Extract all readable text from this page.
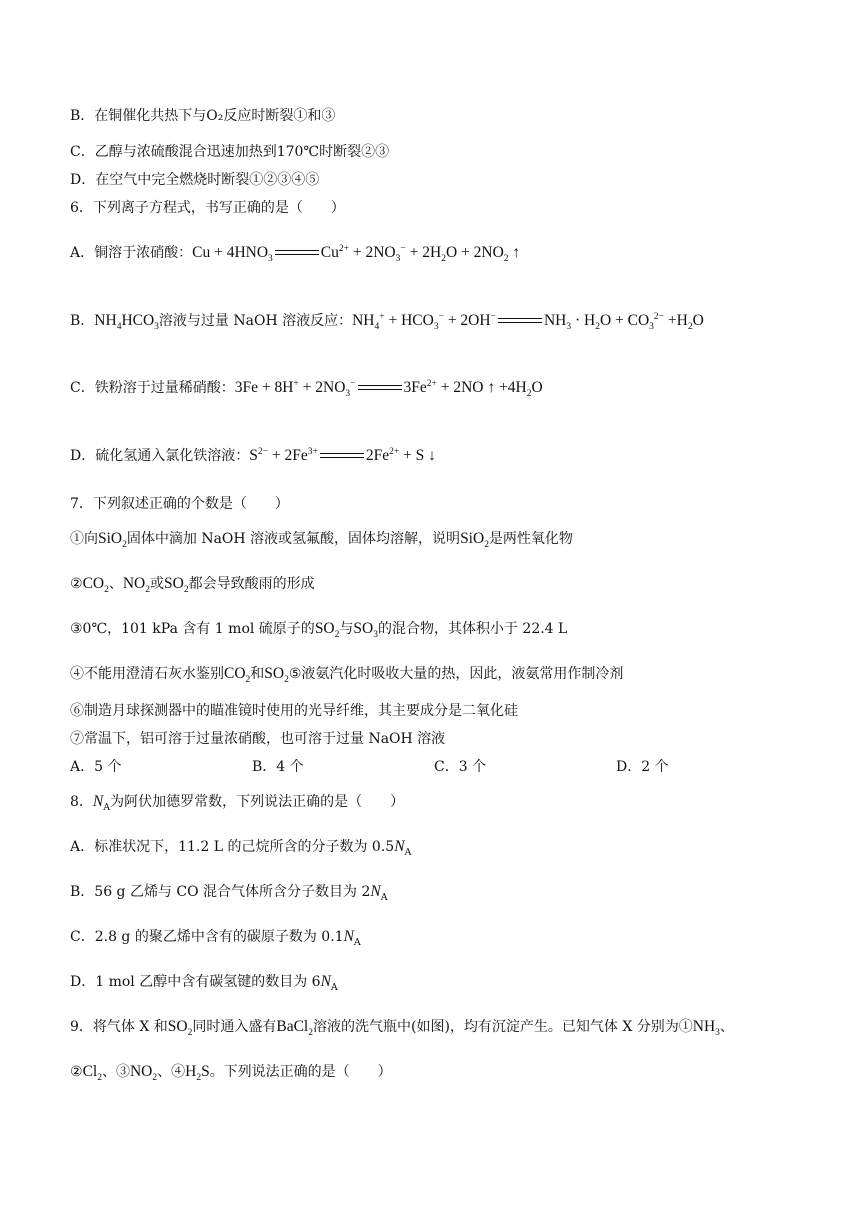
B．在铜催化共热下与O₂反应时断裂①和③
C．乙醇与浓硫酸混合迅速加热到170℃时断裂②③
D．在空气中完全燃烧时断裂①②③④⑤
6．下列离子方程式，书写正确的是（　　）
A．铜溶于浓硝酸：$Cu + 4HNO_3$	$Cu^{2+} + 2NO_3^- + 2H_2O + 2NO_2$ ↑
B．$NH_4HCO_3$溶液与过量 NaOH 溶液反应：$NH_4^+ + HCO_3^- + 2OH^-$	$NH_3 \cdot H_2O + CO_3^{2-} +H_2O$
C．铁粉溶于过量稀硝酸：$3Fe + 8H^+ + 2NO_3^-$	$3Fe^{2+} + 2NO$ ↑ $+4H_2O$
D．硫化氢通入氯化铁溶液：$S^{2-} + 2Fe^{3+}$	$2Fe^{2+} + S$ ↓
7．下列叙述正确的个数是（　　）
①向SiO$_2$固体中滴加 NaOH 溶液或氢氟酸，固体均溶解，说明SiO$_2$是两性氧化物
$②CO_2$、$NO_2$或$SO_2$都会导致酸雨的形成
③0℃，101 kPa 含有 1 mol 硫原子的$SO_2$与$SO_3$的混合物，其体积小于 22.4 L
④不能用澄清石灰水鉴别$CO_2$和$SO_2⑤$液氨汽化时吸收大量的热，因此，液氨常用作制冷剂
⑥制造月球探测器中的瞄准镜时使用的光导纤维，其主要成分是二氧化硅
⑦常温下，铝可溶于过量浓硝酸，也可溶于过量 NaOH 溶液
A．5 个	B．4 个	C．3 个	D．2 个
8．$N_A$为阿伏加德罗常数，下列说法正确的是（　　）
A．标准状况下，11.2 L 的己烷所含的分子数为 $0.5N_A$
B．56 g 乙烯与 CO 混合气体所含分子数目为 $2N_A$
C．2.8 g 的聚乙烯中含有的碳原子数为 $0.1N_A$
D．1 mol 乙醇中含有碳氢键的数目为 $6N_A$
9．将气体 X 和$SO_2$同时通入盛有BaCl$_2$溶液的洗气瓶中(如图)，均有沉淀产生。已知气体 X 分别为$①NH_3$、
$②Cl_2$、$③NO_2$、$④H_2S$。下列说法正确的是（　　）
